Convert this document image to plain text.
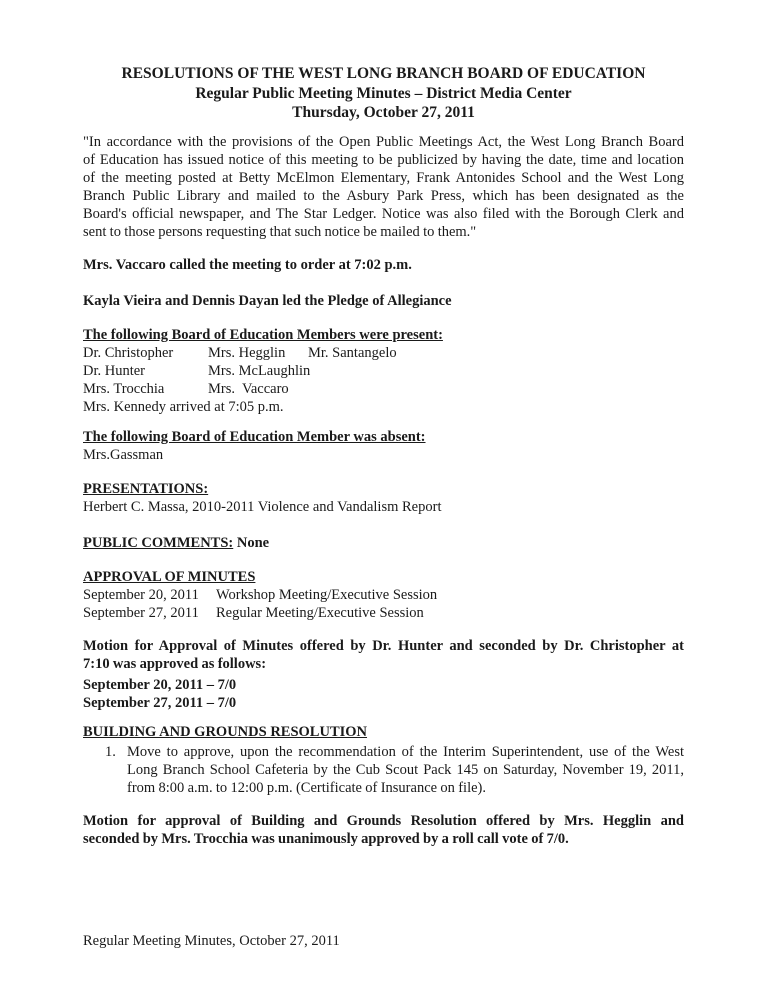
RESOLUTIONS OF THE WEST LONG BRANCH BOARD OF EDUCATION
Regular Public Meeting Minutes – District Media Center
Thursday, October 27, 2011
"In accordance with the provisions of the Open Public Meetings Act, the West Long Branch Board
of Education has issued notice of this meeting to be publicized by having the date, time and location
of the meeting posted at Betty McElmon Elementary, Frank Antonides School and the West Long
Branch Public Library and mailed to the Asbury Park Press, which has been designated as the
Board's official newspaper, and The Star Ledger. Notice was also filed with the Borough Clerk and
sent to those persons requesting that such notice be mailed to them."

Mrs. Vaccaro called the meeting to order at 7:02 p.m.

Kayla Vieira and Dennis Dayan led the Pledge of Allegiance

The following Board of Education Members were present:
Dr. Christopher	Mrs. Hegglin	Mr. Santangelo
Dr. Hunter	Mrs. McLaughlin
Mrs. Trocchia	Mrs.  Vaccaro
Mrs. Kennedy arrived at 7:05 p.m.
The following Board of Education Member was absent:
Mrs.Gassman
PRESENTATIONS:
Herbert C. Massa, 2010-2011 Violence and Vandalism Report
PUBLIC COMMENTS: None
APPROVAL OF MINUTES
September 20, 2011	Workshop Meeting/Executive Session
September 27, 2011	Regular Meeting/Executive Session
Motion for Approval of Minutes offered by Dr. Hunter and seconded by Dr. Christopher at
7:10 was approved as follows:
September 20, 2011 – 7/0
September 27, 2011 – 7/0
BUILDING AND GROUNDS RESOLUTION
1. Move to approve, upon the recommendation of the Interim Superintendent, use of the West
Long Branch School Cafeteria by the Cub Scout Pack 145 on Saturday, November 19, 2011,
from 8:00 a.m. to 12:00 p.m. (Certificate of Insurance on file).
Motion for approval of Building and Grounds Resolution offered by Mrs. Hegglin and
seconded by Mrs. Trocchia was unanimously approved by a roll call vote of 7/0.
Regular Meeting Minutes, October 27, 2011
